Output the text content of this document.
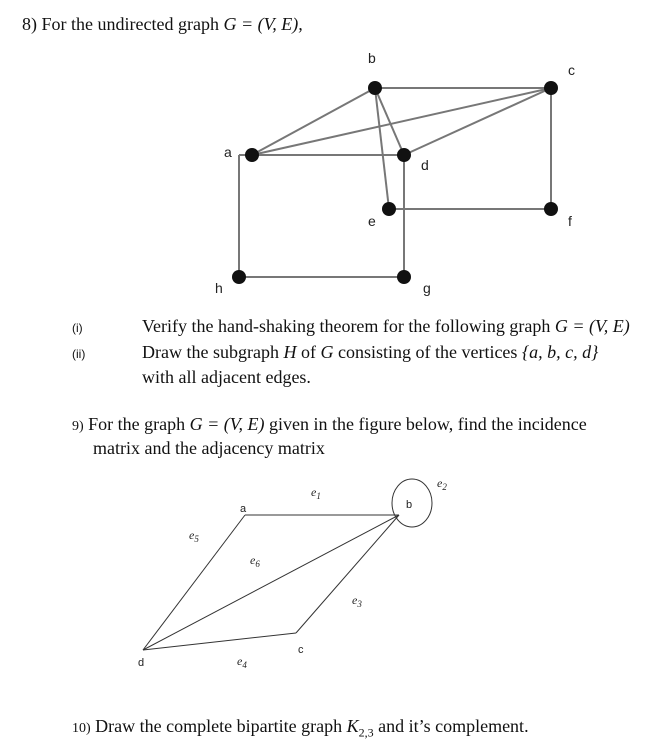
8) For the undirected graph G = (V, E),
a
b
c
d
e	f
g
h
a	b
c
d
$e_1$
$e_2$
$e_3$
$e_4$
$e_5$
$e_6$
(i)	Verify the hand-shaking theorem for the following graph G = (V, E)
(ii)	Draw the subgraph H of G consisting of the vertices {a, b, c, d}
with all adjacent edges.
9) For the graph G = (V, E) given in the figure below, find the incidence
matrix and the adjacency matrix
10) Draw the complete bipartite graph $K_{2,3}$ and it’s complement.
